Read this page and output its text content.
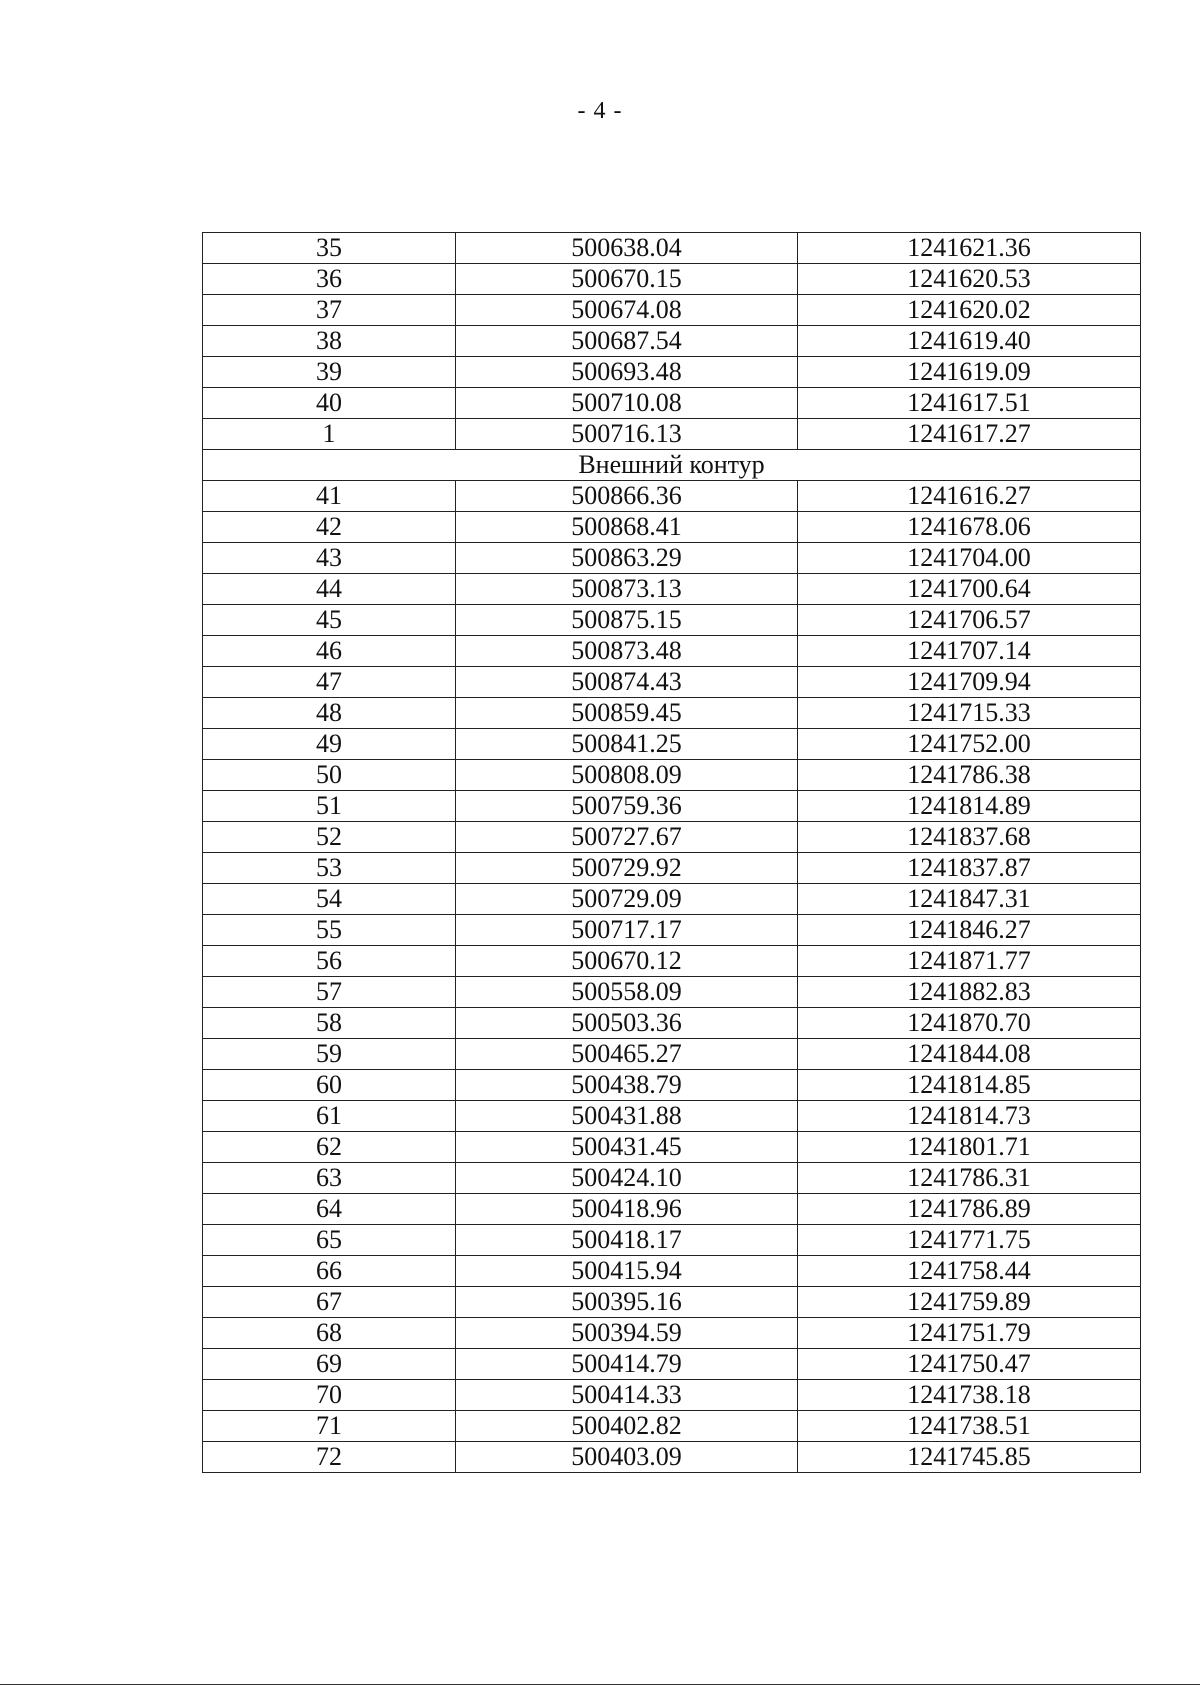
- 4 -
35	500638.04	1241621.36
36	500670.15	1241620.53
37	500674.08	1241620.02
38	500687.54	1241619.40
39	500693.48	1241619.09
40	500710.08	1241617.51
1	500716.13	1241617.27
Внешний контур		
41	500866.36	1241616.27
42	500868.41	1241678.06
43	500863.29	1241704.00
44	500873.13	1241700.64
45	500875.15	1241706.57
46	500873.48	1241707.14
47	500874.43	1241709.94
48	500859.45	1241715.33
49	500841.25	1241752.00
50	500808.09	1241786.38
51	500759.36	1241814.89
52	500727.67	1241837.68
53	500729.92	1241837.87
54	500729.09	1241847.31
55	500717.17	1241846.27
56	500670.12	1241871.77
57	500558.09	1241882.83
58	500503.36	1241870.70
59	500465.27	1241844.08
60	500438.79	1241814.85
61	500431.88	1241814.73
62	500431.45	1241801.71
63	500424.10	1241786.31
64	500418.96	1241786.89
65	500418.17	1241771.75
66	500415.94	1241758.44
67	500395.16	1241759.89
68	500394.59	1241751.79
69	500414.79	1241750.47
70	500414.33	1241738.18
71	500402.82	1241738.51
72	500403.09	1241745.85
